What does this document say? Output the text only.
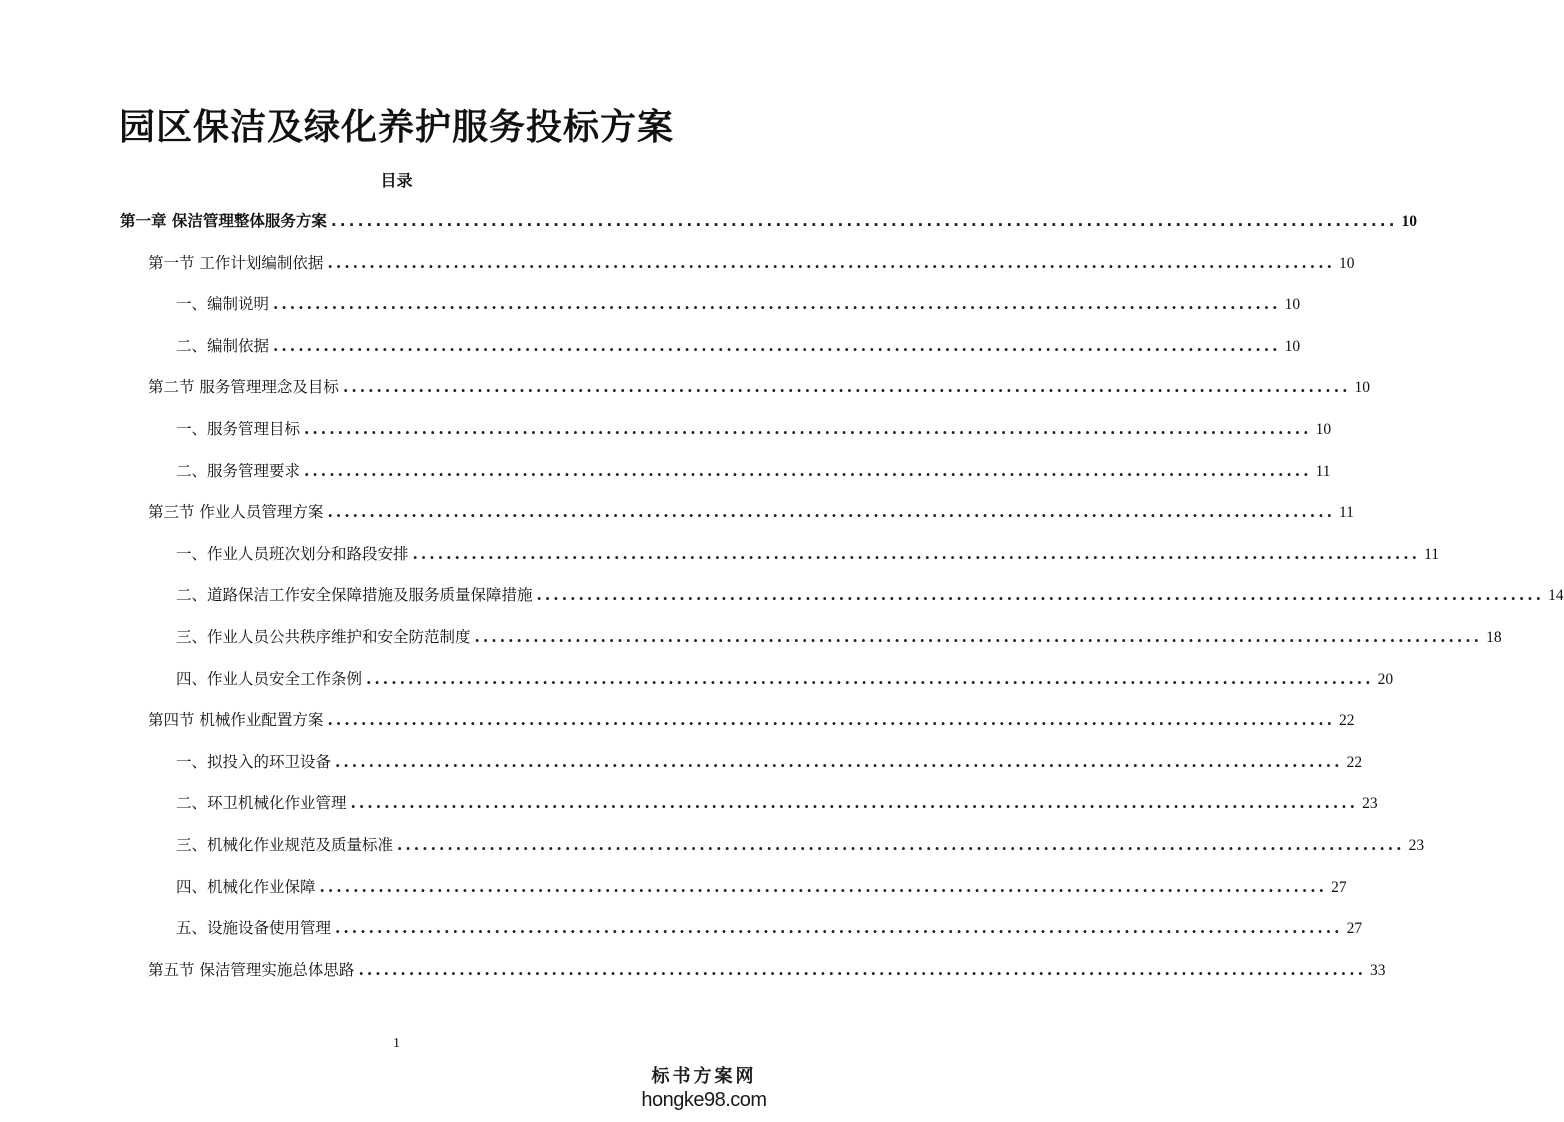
园区保洁及绿化养护服务投标方案
目录
第一章 保洁管理整体服务方案 ........................................................................................................................ 10
第一节 工作计划编制依据 ........................................................................................................................ 10
一、编制说明 ........................................................................................................................ 10
二、编制依据 ........................................................................................................................ 10
第二节 服务管理理念及目标 ........................................................................................................................ 10
一、服务管理目标 ........................................................................................................................ 10
二、服务管理要求 ........................................................................................................................ 11
第三节 作业人员管理方案 ........................................................................................................................ 11
一、作业人员班次划分和路段安排 ........................................................................................................................ 11
二、道路保洁工作安全保障措施及服务质量保障措施 ........................................................................................................................ 14
三、作业人员公共秩序维护和安全防范制度 ........................................................................................................................ 18
四、作业人员安全工作条例 ........................................................................................................................ 20
第四节 机械作业配置方案 ........................................................................................................................ 22
一、拟投入的环卫设备 ........................................................................................................................ 22
二、环卫机械化作业管理 ........................................................................................................................ 23
三、机械化作业规范及质量标准 ........................................................................................................................ 23
四、机械化作业保障 ........................................................................................................................ 27
五、设施设备使用管理 ........................................................................................................................ 27
第五节 保洁管理实施总体思路 ........................................................................................................................ 33
1
标书方案网
hongke98.com
